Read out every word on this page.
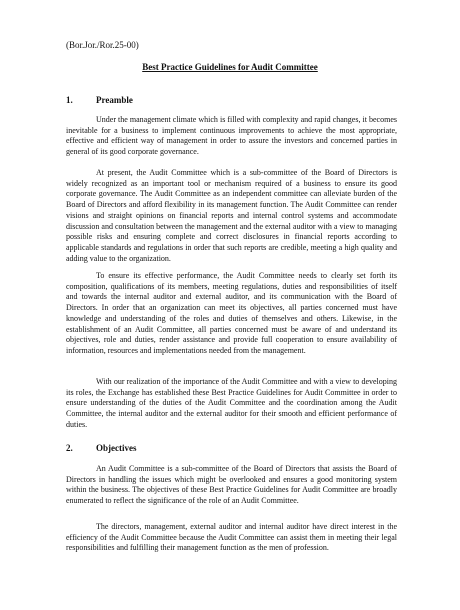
(Bor.Jor./Ror.25-00)
Best Practice Guidelines for Audit Committee
1.	Preamble

Under the management climate which is filled with complexity and rapid changes, it becomes inevitable for a business to implement continuous improvements to achieve the most appropriate, effective and efficient way of management in order to assure the investors and concerned parties in general of its good corporate governance.

At present, the Audit Committee which is a sub-committee of the Board of Directors is widely recognized as an important tool or mechanism required of a business to ensure its good corporate governance. The Audit Committee as an independent committee can alleviate burden of the Board of Directors and afford flexibility in its management function. The Audit Committee can render visions and straight opinions on financial reports and internal control systems and accommodate discussion and consultation between the management and the external auditor with a view to managing possible risks and ensuring complete and correct disclosures in financial reports according to applicable standards and regulations in order that such reports are credible, meeting a high quality and adding value to the organization.

To ensure its effective performance, the Audit Committee needs to clearly set forth its composition, qualifications of its members, meeting regulations, duties and responsibilities of itself and towards the internal auditor and external auditor, and its communication with the Board of Directors. In order that an organization can meet its objectives, all parties concerned must have knowledge and understanding of the roles and duties of themselves and others. Likewise, in the establishment of an Audit Committee, all parties concerned must be aware of and understand its objectives, role and duties, render assistance and provide full cooperation to ensure availability of information, resources and implementations needed from the management.

With our realization of the importance of the Audit Committee and with a view to developing its roles, the Exchange has established these Best Practice Guidelines for Audit Committee in order to ensure understanding of the duties of the Audit Committee and the coordination among the Audit Committee, the internal auditor and the external auditor for their smooth and efficient performance of duties.

2.	Objectives

An Audit Committee is a sub-committee of the Board of Directors that assists the Board of Directors in handling the issues which might be overlooked and ensures a good monitoring system within the business. The objectives of these Best Practice Guidelines for Audit Committee are broadly enumerated to reflect the significance of the role of an Audit Committee.

The directors, management, external auditor and internal auditor have direct interest in the efficiency of the Audit Committee because the Audit Committee can assist them in meeting their legal responsibilities and fulfilling their management function as the men of profession.
